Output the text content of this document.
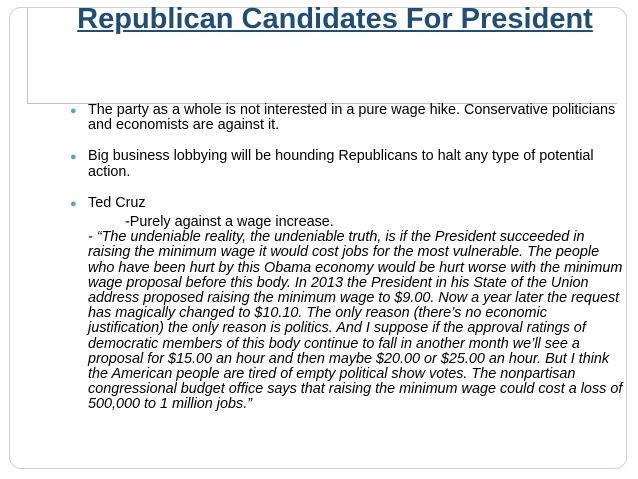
Republican Candidates For President
● The party as a whole is not interested in a pure wage hike. Conservative politicians and economists are against it.
● Big business lobbying will be hounding Republicans to halt any type of potential action.
● Ted Cruz
-Purely against a wage increase.
- “The undeniable reality, the undeniable truth, is if the President succeeded in raising the minimum wage it would cost jobs for the most vulnerable. The people who have been hurt by this Obama economy would be hurt worse with the minimum wage proposal before this body. In 2013 the President in his State of the Union address proposed raising the minimum wage to $9.00. Now a year later the request has magically changed to $10.10. The only reason (there’s no economic justification) the only reason is politics. And I suppose if the approval ratings of democratic members of this body continue to fall in another month we’ll see a proposal for $15.00 an hour and then maybe $20.00 or $25.00 an hour. But I think the American people are tired of empty political show votes. The nonpartisan congressional budget office says that raising the minimum wage could cost a loss of 500,000 to 1 million jobs.”
